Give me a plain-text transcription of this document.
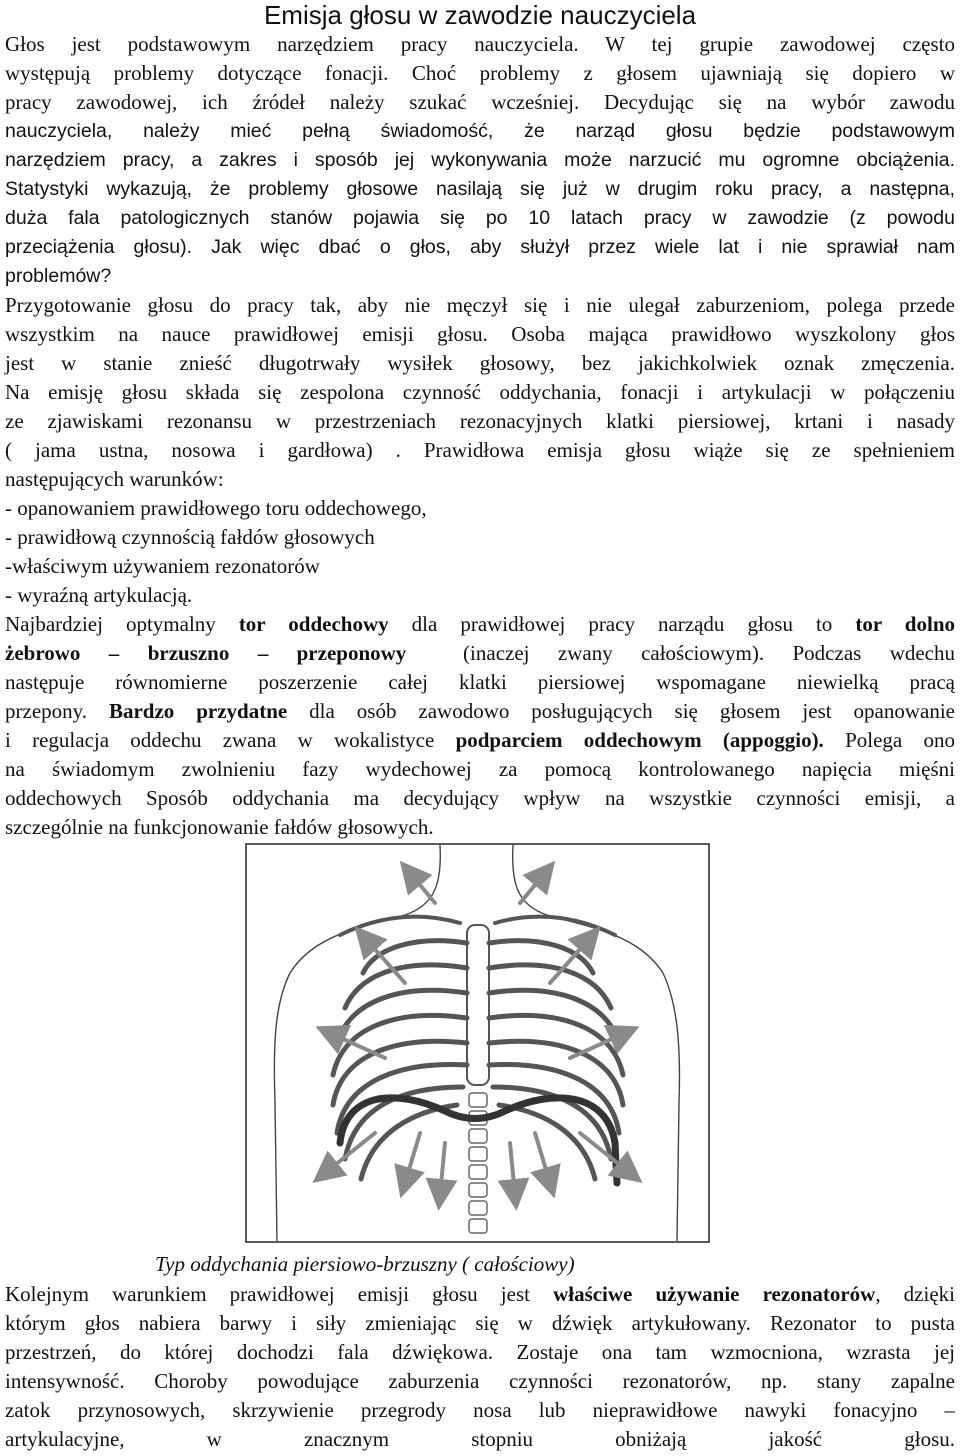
Emisja głosu w zawodzie nauczyciela
Głos jest podstawowym narzędziem pracy nauczyciela. W tej grupie zawodowej często
występują problemy dotyczące fonacji. Choć problemy z głosem ujawniają się dopiero w
pracy zawodowej, ich źródeł należy szukać wcześniej. Decydując się na wybór zawodu
nauczyciela, należy mieć pełną świadomość, że narząd głosu będzie podstawowym
narzędziem pracy, a zakres i sposób jej wykonywania może narzucić mu ogromne obciążenia.
Statystyki wykazują, że problemy głosowe nasilają się już w drugim roku pracy, a następna,
duża fala patologicznych stanów pojawia się po 10 latach pracy w zawodzie (z powodu
przeciążenia głosu). Jak więc dbać o głos, aby służył przez wiele lat i nie sprawiał nam
problemów?
Przygotowanie głosu do pracy tak, aby nie męczył się i nie ulegał zaburzeniom, polega przede
wszystkim na nauce prawidłowej emisji głosu. Osoba mająca prawidłowo wyszkolony głos
jest w stanie znieść długotrwały wysiłek głosowy, bez jakichkolwiek oznak zmęczenia.
Na emisję głosu składa się zespolona czynność oddychania, fonacji i artykulacji w połączeniu
ze zjawiskami rezonansu w przestrzeniach rezonacyjnych klatki piersiowej, krtani i nasady
( jama ustna, nosowa i gardłowa) . Prawidłowa emisja głosu wiąże się ze spełnieniem
następujących warunków:
- opanowaniem prawidłowego toru oddechowego,
- prawidłową czynnością fałdów głosowych
-właściwym używaniem rezonatorów
- wyraźną artykulacją.
Najbardziej optymalny tor oddechowy dla prawidłowej pracy narządu głosu to tor dolno
żebrowo – brzuszno – przeponowy  (inaczej zwany całościowym). Podczas wdechu
następuje równomierne poszerzenie całej klatki piersiowej wspomagane niewielką pracą
przepony. Bardzo przydatne dla osób zawodowo posługujących się głosem jest opanowanie
i regulacja oddechu zwana w wokalistyce podparciem oddechowym (appoggio). Polega ono
na świadomym zwolnieniu fazy wydechowej za pomocą kontrolowanego napięcia mięśni
oddechowych Sposób oddychania ma decydujący wpływ na wszystkie czynności emisji, a
szczególnie na funkcjonowanie fałdów głosowych.

Typ oddychania piersiowo-brzuszny ( całościowy)

Kolejnym warunkiem prawidłowej emisji głosu jest właściwe używanie rezonatorów, dzięki
którym głos nabiera barwy i siły zmieniając się w dźwięk artykułowany. Rezonator to pusta
przestrzeń, do której dochodzi fala dźwiękowa. Zostaje ona tam wzmocniona, wzrasta jej
intensywność. Choroby powodujące zaburzenia czynności rezonatorów, np. stany zapalne
zatok przynosowych, skrzywienie przegrody nosa lub nieprawidłowe nawyki fonacyjno –
artykulacyjne, w znacznym stopniu obniżają jakość głosu.
